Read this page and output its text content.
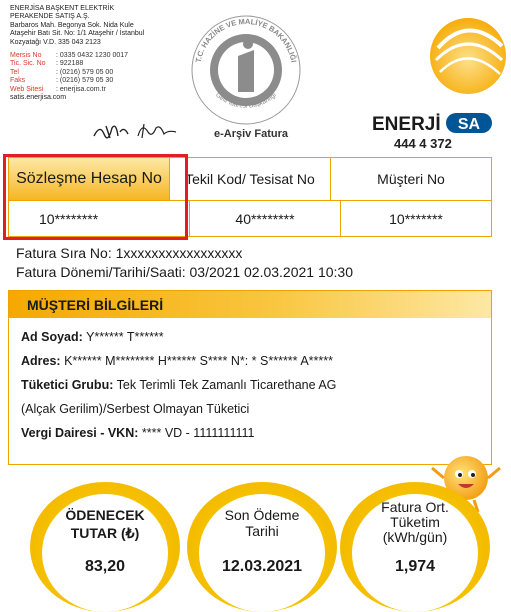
ENERJİSA BAŞKENT ELEKTRİK
PERAKENDE SATIŞ A.Ş.
Barbaros Mah. Begonya Sok. Nida Kule
Ataşehir Batı Sit. No: 1/1 Ataşehir / İstanbul
Kozyatağı V.D. 335 043 2123
Mersis No	: 0335 0432 1230 0017
Tic. Sic. No	: 922188
Tel	: (0216) 579 05 00
Faks	: (0216) 579 05 30
Web Sitesi	: enerjisa.com.tr
satis.enerjisa.com
T.C. HAZİNE VE MALİYE BAKANLIĞI
Gelir İdaresi Başkanlığı
e-Arşiv Fatura	ENERJİ SA
444 4 372
Sözleşme Hesap No	Tekil Kod/ Tesisat No	Müşteri No
10********	40********	10*******
Fatura Sıra No: 1xxxxxxxxxxxxxxxxx
Fatura Dönemi/Tarihi/Saati: 03/2021 02.03.2021 10:30
MÜŞTERİ BİLGİLERİ
Ad Soyad: Y****** T******
Adres: K****** M******** H****** S**** N*: * S****** A*****
Tüketici Grubu: Tek Terimli Tek Zamanlı Ticarethane AG
(Alçak Gerilim)/Serbest Olmayan Tüketici
Vergi Dairesi - VKN: **** VD - 1111111111
ÖDENECEK
TUTAR (₺)
83,20
Son Ödeme
Tarihi
12.03.2021
Fatura Ort.
Tüketim
(kWh/gün)
1,974
